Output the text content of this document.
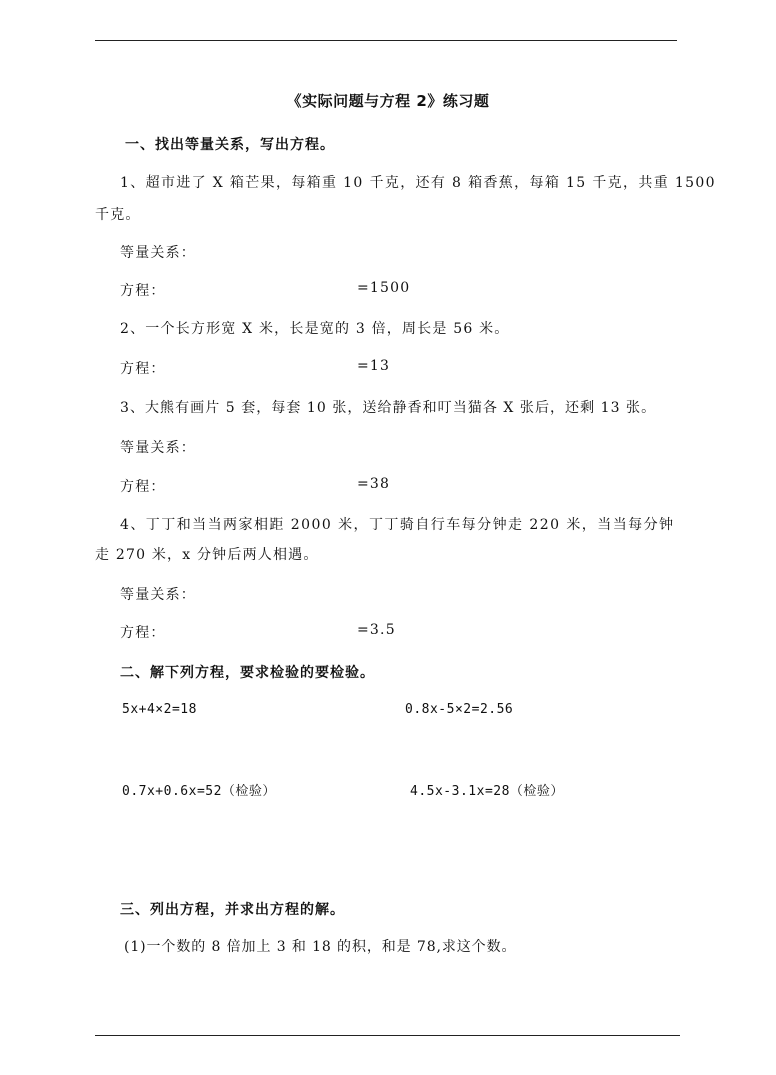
《实际问题与方程 2》练习题
一、找出等量关系，写出方程。
1、超市进了 X 箱芒果，每箱重 10 千克，还有 8 箱香蕉，每箱 15 千克，共重 1500
千克。
等量关系：
方程：	=1500
2、一个长方形宽 X 米，长是宽的 3 倍，周长是 56 米。
方程：	=13
3、大熊有画片 5 套，每套 10 张，送给静香和叮当猫各 X 张后，还剩 13 张。
等量关系：
方程：	=38
4、丁丁和当当两家相距 2000 米，丁丁骑自行车每分钟走 220 米，当当每分钟
走 270 米，x 分钟后两人相遇。
等量关系：
方程：	=3.5
二、解下列方程，要求检验的要检验。
5x+4×2=18	0.8x-5×2=2.56
0.7x+0.6x=52（检验）	4.5x-3.1x=28（检验）
三、列出方程，并求出方程的解。
(1)一个数的 8 倍加上 3 和 18 的积，和是 78,求这个数。
